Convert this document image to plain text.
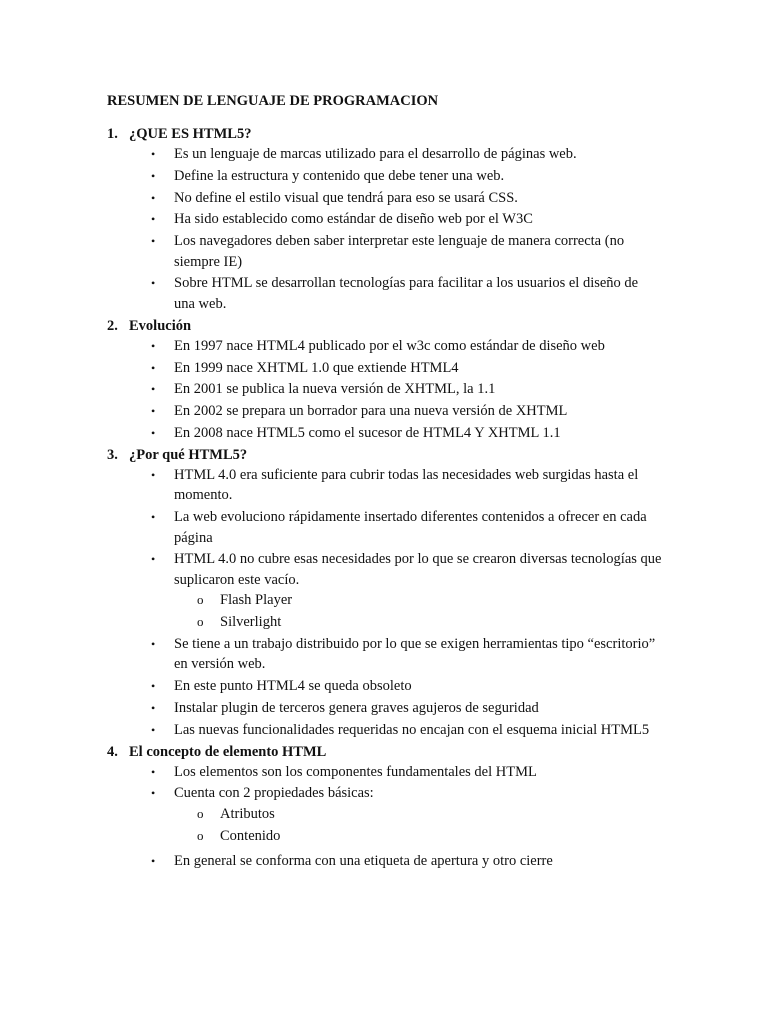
RESUMEN DE LENGUAJE DE PROGRAMACION
1. ¿QUE ES HTML5?
• Es un lenguaje de marcas utilizado para el desarrollo de páginas web.
• Define la estructura y contenido que debe tener una web.
• No define el estilo visual que tendrá para eso se usará CSS.
• Ha sido establecido como estándar de diseño web por el W3C
• Los navegadores deben saber interpretar este lenguaje de manera correcta (no siempre IE)
• Sobre HTML se desarrollan tecnologías para facilitar a los usuarios el diseño de una web.
2. Evolución
• En 1997 nace HTML4 publicado por el w3c como estándar de diseño web
• En 1999 nace XHTML 1.0 que extiende HTML4
• En 2001 se publica la nueva versión de XHTML, la 1.1
• En 2002 se prepara un borrador para una nueva versión de XHTML
• En 2008 nace HTML5 como el sucesor de HTML4 Y XHTML 1.1
3. ¿Por qué HTML5?
• HTML 4.0 era suficiente para cubrir todas las necesidades web surgidas hasta el momento.
• La web evoluciono rápidamente insertado diferentes contenidos a ofrecer en cada página
• HTML 4.0 no cubre esas necesidades por lo que se crearon diversas tecnologías que suplicaron este vacío.
o Flash Player
o Silverlight
• Se tiene a un trabajo distribuido por lo que se exigen herramientas tipo “escritorio” en versión web.
• En este punto HTML4 se queda obsoleto
• Instalar plugin de terceros genera graves agujeros de seguridad
• Las nuevas funcionalidades requeridas no encajan con el esquema inicial HTML5
4. El concepto de elemento HTML
• Los elementos son los componentes fundamentales del HTML
• Cuenta con 2 propiedades básicas:
o Atributos
o Contenido
• En general se conforma con una etiqueta de apertura y otro cierre
